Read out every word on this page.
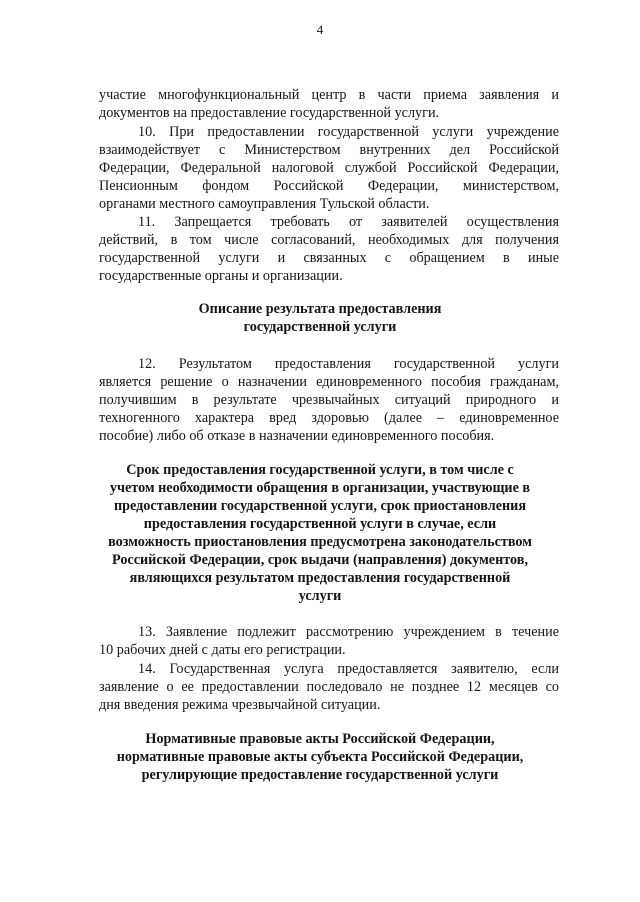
4
участие многофункциональный центр в части приема заявления и
документов на предоставление государственной услуги.
10. При предоставлении государственной услуги учреждение
взаимодействует с Министерством внутренних дел Российской
Федерации, Федеральной налоговой службой Российской Федерации,
Пенсионным фондом Российской Федерации, министерством,
органами местного самоуправления Тульской области.
11. Запрещается требовать от заявителей осуществления
действий, в том числе согласований, необходимых для получения
государственной услуги и связанных с обращением в иные
государственные органы и организации.
Описание результата предоставления
государственной услуги
12. Результатом предоставления государственной услуги
является решение о назначении единовременного пособия гражданам,
получившим в результате чрезвычайных ситуаций природного и
техногенного характера вред здоровью (далее – единовременное
пособие) либо об отказе в назначении единовременного пособия.
Срок предоставления государственной услуги, в том числе с
учетом необходимости обращения в организации, участвующие в
предоставлении государственной услуги, срок приостановления
предоставления государственной услуги в случае, если
возможность приостановления предусмотрена законодательством
Российской Федерации, срок выдачи (направления) документов,
являющихся результатом предоставления государственной
услуги
13. Заявление подлежит рассмотрению учреждением в течение
10 рабочих дней с даты его регистрации.
14. Государственная услуга предоставляется заявителю, если
заявление о ее предоставлении последовало не позднее 12 месяцев со
дня введения режима чрезвычайной ситуации.
Нормативные правовые акты Российской Федерации,
нормативные правовые акты субъекта Российской Федерации,
регулирующие предоставление государственной услуги
